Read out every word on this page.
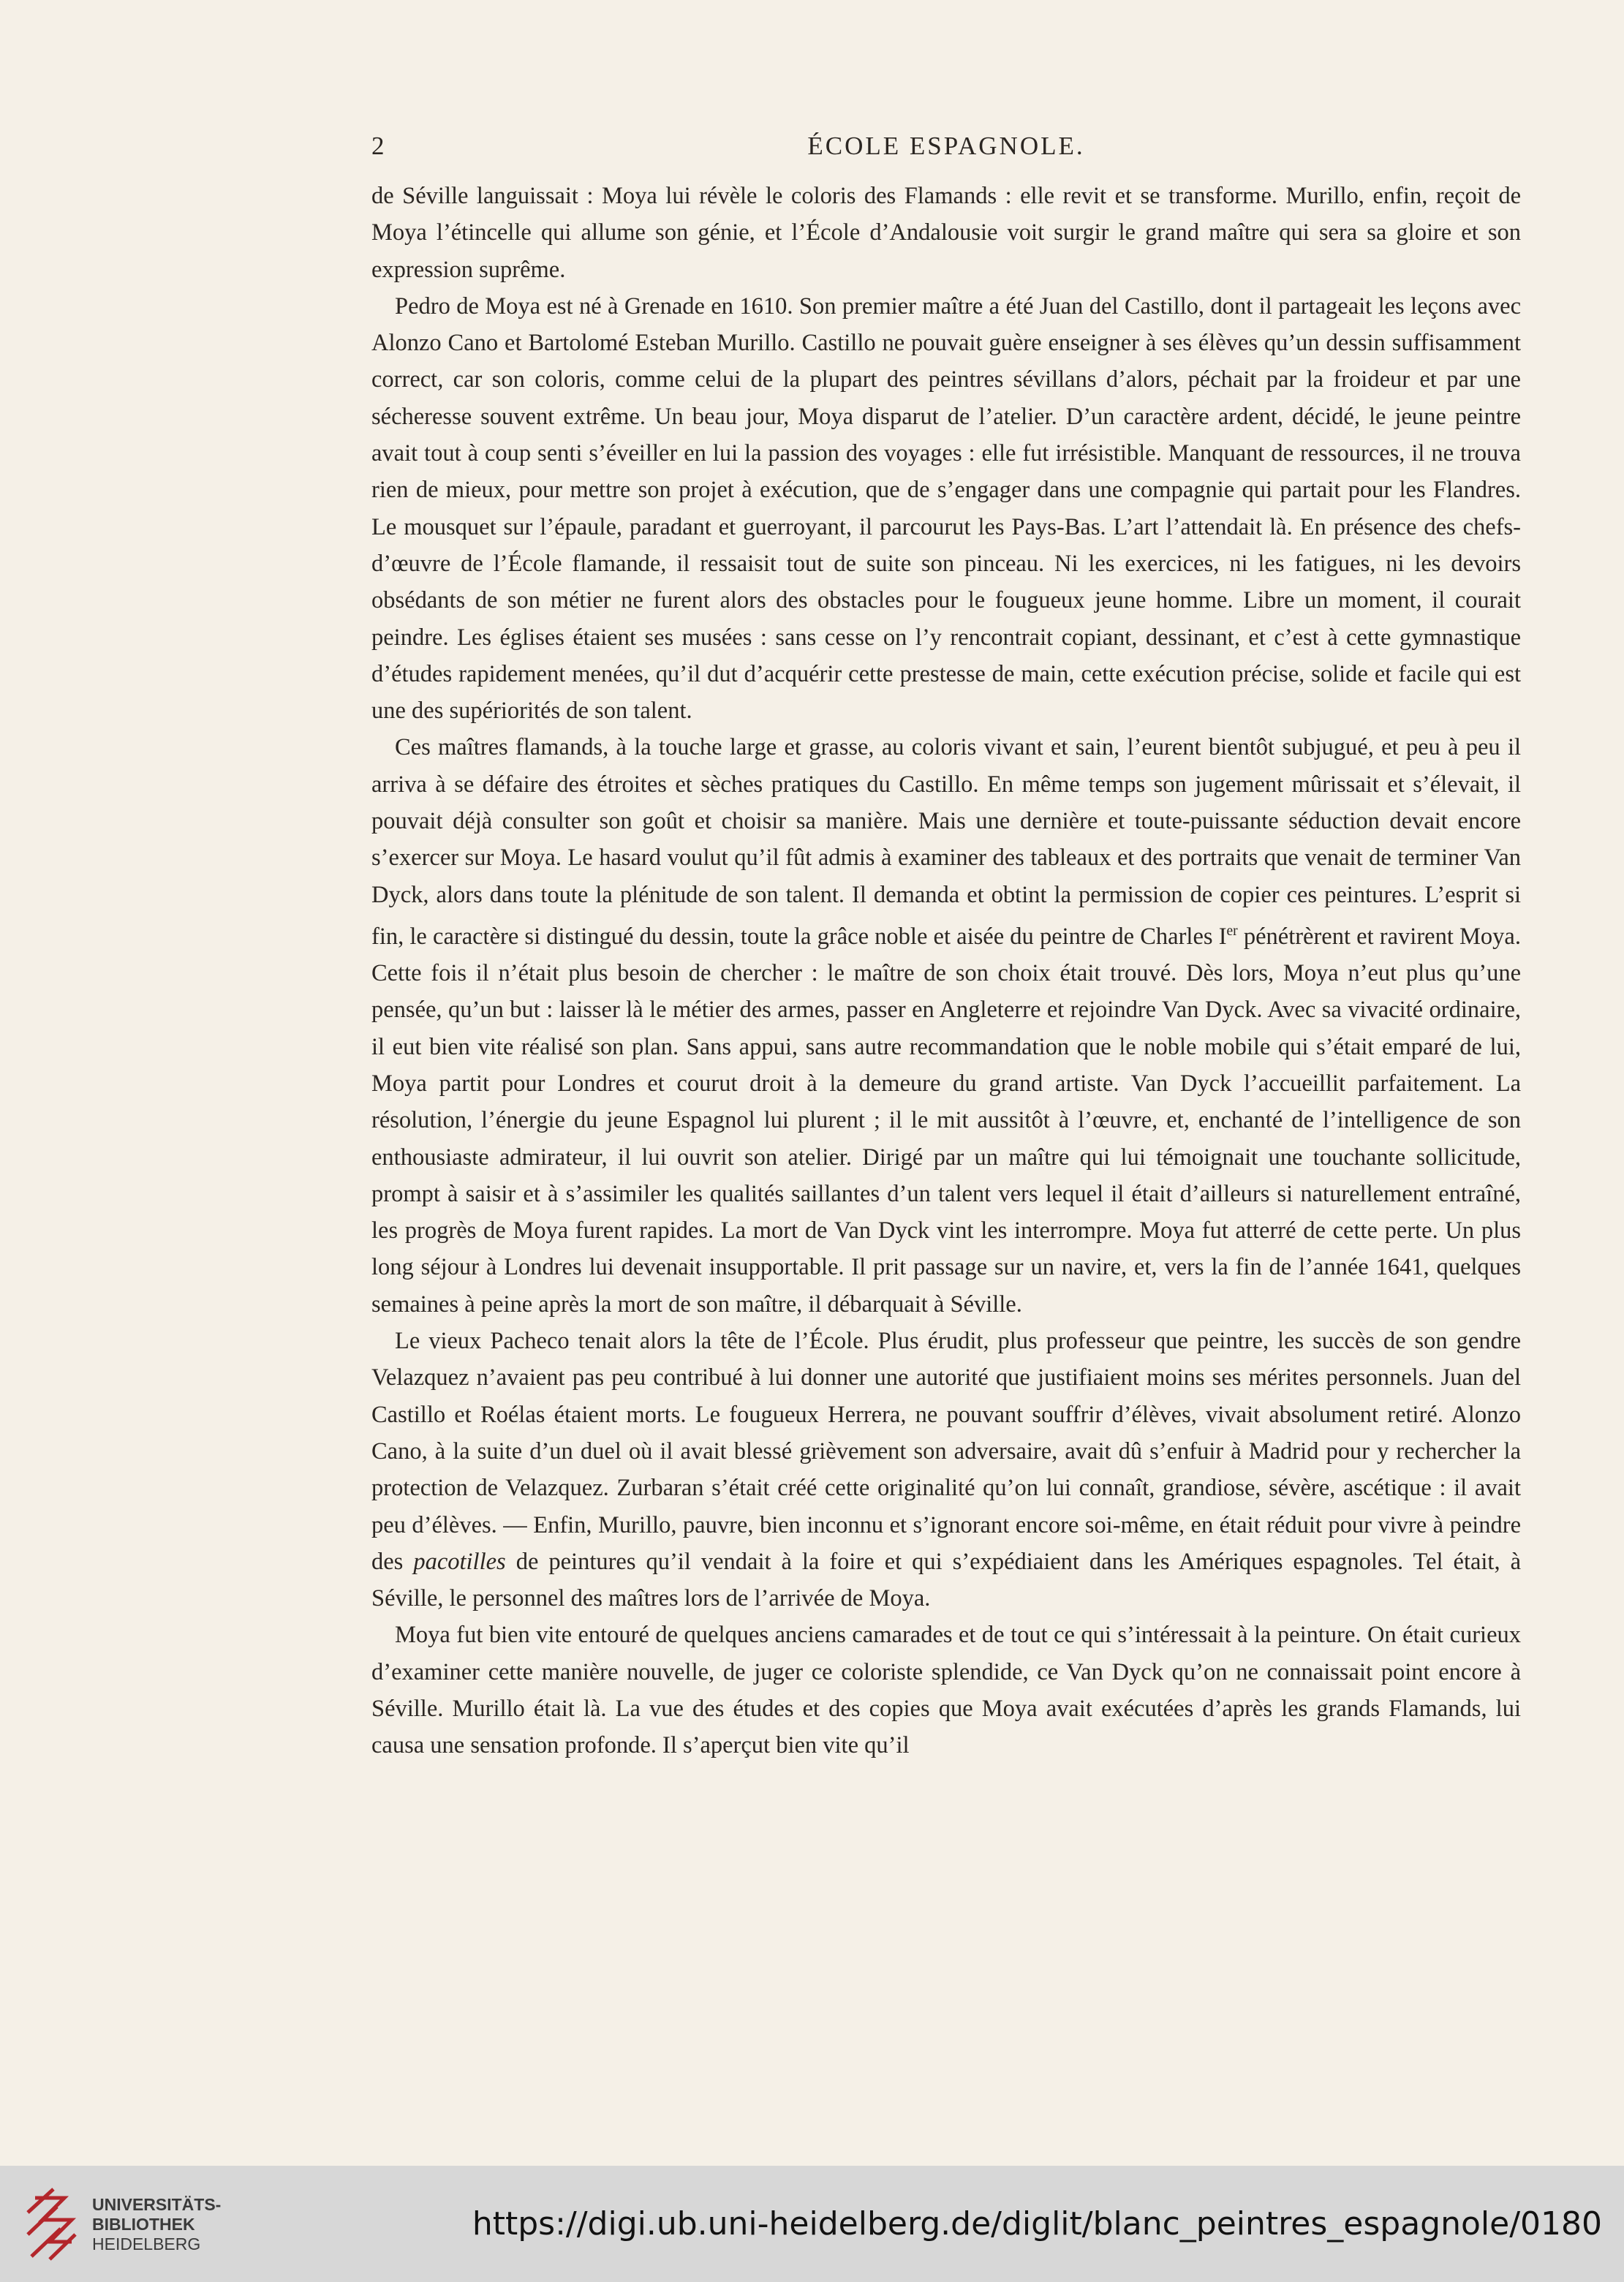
2	ÉCOLE ESPAGNOLE.

de Séville languissait : Moya lui révèle le coloris des Flamands : elle revit et se transforme. Murillo, enfin, reçoit de Moya l’étincelle qui allume son génie, et l’École d’Andalousie voit surgir le grand maître qui sera sa gloire et son expression suprême.

Pedro de Moya est né à Grenade en 1610. Son premier maître a été Juan del Castillo, dont il partageait les leçons avec Alonzo Cano et Bartolomé Esteban Murillo. Castillo ne pouvait guère enseigner à ses élèves qu’un dessin suffisamment correct, car son coloris, comme celui de la plupart des peintres sévillans d’alors, péchait par la froideur et par une sécheresse souvent extrême. Un beau jour, Moya disparut de l’atelier. D’un caractère ardent, décidé, le jeune peintre avait tout à coup senti s’éveiller en lui la passion des voyages : elle fut irrésistible. Manquant de ressources, il ne trouva rien de mieux, pour mettre son projet à exécution, que de s’engager dans une compagnie qui partait pour les Flandres. Le mousquet sur l’épaule, paradant et guerroyant, il parcourut les Pays-Bas. L’art l’attendait là. En présence des chefs-d’œuvre de l’École flamande, il ressaisit tout de suite son pinceau. Ni les exercices, ni les fatigues, ni les devoirs obsédants de son métier ne furent alors des obstacles pour le fougueux jeune homme. Libre un moment, il courait peindre. Les églises étaient ses musées : sans cesse on l’y rencontrait copiant, dessinant, et c’est à cette gymnastique d’études rapidement menées, qu’il dut d’acquérir cette prestesse de main, cette exécution précise, solide et facile qui est une des supériorités de son talent.

Ces maîtres flamands, à la touche large et grasse, au coloris vivant et sain, l’eurent bientôt subjugué, et peu à peu il arriva à se défaire des étroites et sèches pratiques du Castillo. En même temps son jugement mûrissait et s’élevait, il pouvait déjà consulter son goût et choisir sa manière. Mais une dernière et toute-puissante séduction devait encore s’exercer sur Moya. Le hasard voulut qu’il fût admis à examiner des tableaux et des portraits que venait de terminer Van Dyck, alors dans toute la plénitude de son talent. Il demanda et obtint la permission de copier ces peintures. L’esprit si fin, le caractère si distingué du dessin, toute la grâce noble et aisée du peintre de Charles Ier pénétrèrent et ravirent Moya. Cette fois il n’était plus besoin de chercher : le maître de son choix était trouvé. Dès lors, Moya n’eut plus qu’une pensée, qu’un but : laisser là le métier des armes, passer en Angleterre et rejoindre Van Dyck. Avec sa vivacité ordinaire, il eut bien vite réalisé son plan. Sans appui, sans autre recommandation que le noble mobile qui s’était emparé de lui, Moya partit pour Londres et courut droit à la demeure du grand artiste. Van Dyck l’accueillit parfaitement. La résolution, l’énergie du jeune Espagnol lui plurent ; il le mit aussitôt à l’œuvre, et, enchanté de l’intelligence de son enthousiaste admirateur, il lui ouvrit son atelier. Dirigé par un maître qui lui témoignait une touchante sollicitude, prompt à saisir et à s’assimiler les qualités saillantes d’un talent vers lequel il était d’ailleurs si naturellement entraîné, les progrès de Moya furent rapides. La mort de Van Dyck vint les interrompre. Moya fut atterré de cette perte. Un plus long séjour à Londres lui devenait insupportable. Il prit passage sur un navire, et, vers la fin de l’année 1641, quelques semaines à peine après la mort de son maître, il débarquait à Séville.

Le vieux Pacheco tenait alors la tête de l’École. Plus érudit, plus professeur que peintre, les succès de son gendre Velazquez n’avaient pas peu contribué à lui donner une autorité que justifiaient moins ses mérites personnels. Juan del Castillo et Roélas étaient morts. Le fougueux Herrera, ne pouvant souffrir d’élèves, vivait absolument retiré. Alonzo Cano, à la suite d’un duel où il avait blessé grièvement son adversaire, avait dû s’enfuir à Madrid pour y rechercher la protection de Velazquez. Zurbaran s’était créé cette originalité qu’on lui connaît, grandiose, sévère, ascétique : il avait peu d’élèves. — Enfin, Murillo, pauvre, bien inconnu et s’ignorant encore soi-même, en était réduit pour vivre à peindre des pacotilles de peintures qu’il vendait à la foire et qui s’expédiaient dans les Amériques espagnoles. Tel était, à Séville, le personnel des maîtres lors de l’arrivée de Moya.

Moya fut bien vite entouré de quelques anciens camarades et de tout ce qui s’intéressait à la peinture. On était curieux d’examiner cette manière nouvelle, de juger ce coloriste splendide, ce Van Dyck qu’on ne connaissait point encore à Séville. Murillo était là. La vue des études et des copies que Moya avait exécutées d’après les grands Flamands, lui causa une sensation profonde. Il s’aperçut bien vite qu’il

UNIVERSITÄTS-
BIBLIOTHEK
HEIDELBERG
https://digi.ub.uni-heidelberg.de/diglit/blanc_peintres_espagnole/0180
